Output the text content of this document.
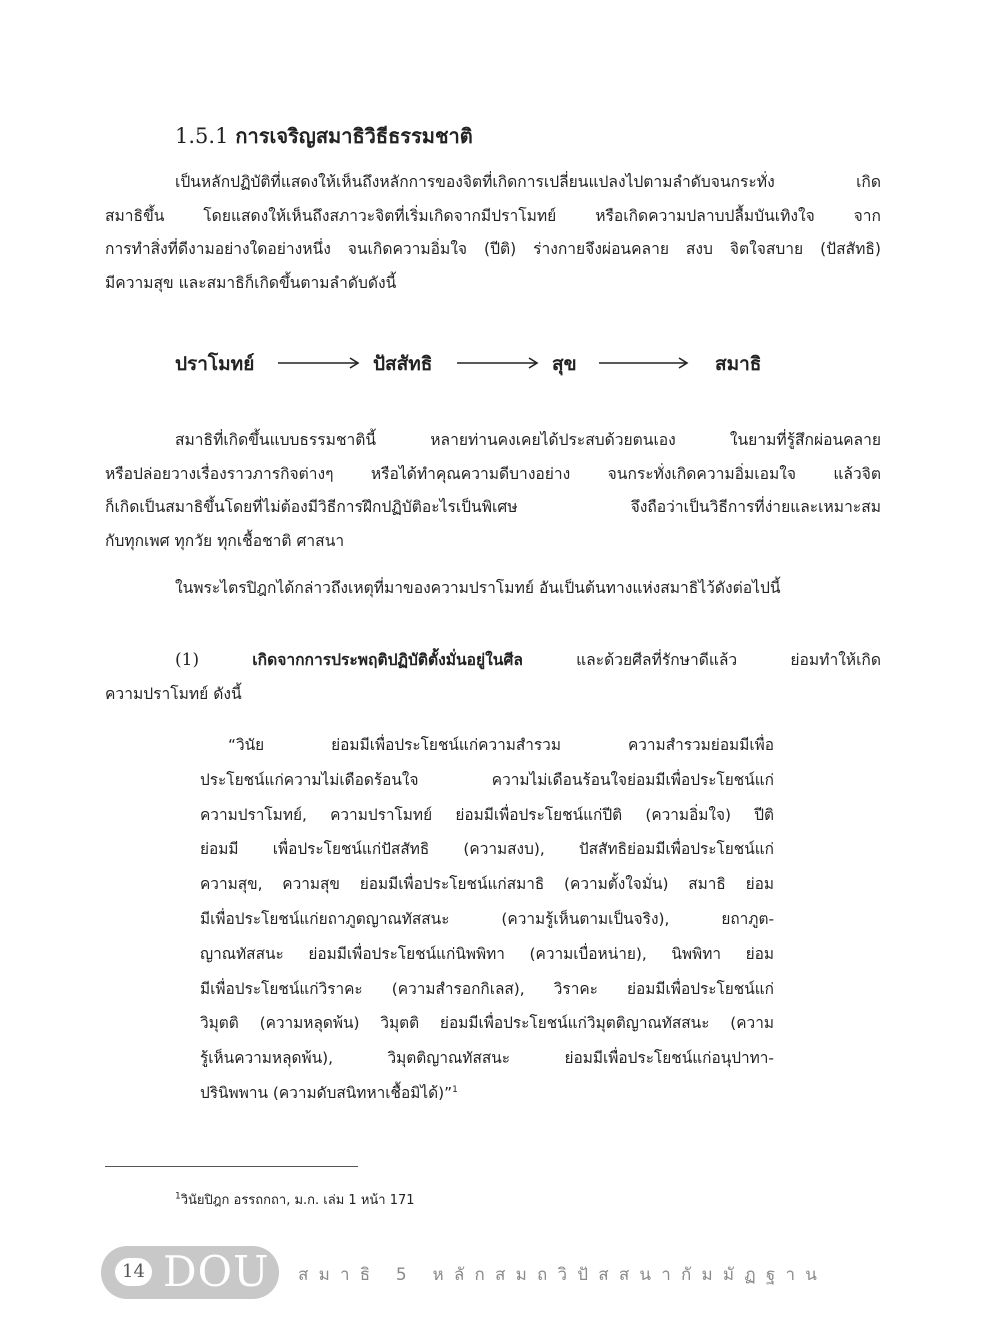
1.5.1 การเจริญสมาธิวิธีธรรมชาติ

เป็นหลักปฏิบัติที่แสดงให้เห็นถึงหลักการของจิตที่เกิดการเปลี่ยนแปลงไปตามลำดับจนกระทั่ง เกิด
สมาธิขึ้น โดยแสดงให้เห็นถึงสภาวะจิตที่เริ่มเกิดจากมีปราโมทย์ หรือเกิดความปลาบปลื้มบันเทิงใจ จาก
การทำสิ่งที่ดีงามอย่างใดอย่างหนึ่ง จนเกิดความอิ่มใจ (ปีติ) ร่างกายจึงผ่อนคลาย สงบ จิตใจสบาย (ปัสสัทธิ)
มีความสุข และสมาธิก็เกิดขึ้นตามลำดับดังนี้

ปราโมทย์	ปัสสัทธิ	สุข	สมาธิ

สมาธิที่เกิดขึ้นแบบธรรมชาตินี้ หลายท่านคงเคยได้ประสบด้วยตนเอง ในยามที่รู้สึกผ่อนคลาย
หรือปล่อยวางเรื่องราวภารกิจต่างๆ หรือได้ทำคุณความดีบางอย่าง จนกระทั่งเกิดความอิ่มเอมใจ แล้วจิต
ก็เกิดเป็นสมาธิขึ้นโดยที่ไม่ต้องมีวิธีการฝึกปฏิบัติอะไรเป็นพิเศษ จึงถือว่าเป็นวิธีการที่ง่ายและเหมาะสม
กับทุกเพศ ทุกวัย ทุกเชื้อชาติ ศาสนา

ในพระไตรปิฎกได้กล่าวถึงเหตุที่มาของความปราโมทย์ อันเป็นต้นทางแห่งสมาธิไว้ดังต่อไปนี้

(1)	เกิดจากการประพฤติปฏิบัติตั้งมั่นอยู่ในศีล	และด้วยศีลที่รักษาดีแล้ว ย่อมทำให้เกิด
ความปราโมทย์ ดังนี้

“วินัย ย่อมมีเพื่อประโยชน์แก่ความสำรวม ความสำรวมย่อมมีเพื่อ
ประโยชน์แก่ความไม่เดือดร้อนใจ ความไม่เดือนร้อนใจย่อมมีเพื่อประโยชน์แก่
ความปราโมทย์, ความปราโมทย์ ย่อมมีเพื่อประโยชน์แก่ปีติ (ความอิ่มใจ) ปีติ
ย่อมมี เพื่อประโยชน์แก่ปัสสัทธิ (ความสงบ), ปัสสัทธิย่อมมีเพื่อประโยชน์แก่
ความสุข, ความสุข ย่อมมีเพื่อประโยชน์แก่สมาธิ (ความตั้งใจมั่น) สมาธิ ย่อม
มีเพื่อประโยชน์แก่ยถาภูตญาณทัสสนะ (ความรู้เห็นตามเป็นจริง), ยถาภูต-
ญาณทัสสนะ ย่อมมีเพื่อประโยชน์แก่นิพพิทา (ความเบื่อหน่าย), นิพพิทา ย่อม
มีเพื่อประโยชน์แก่วิราคะ (ความสำรอกกิเลส), วิราคะ ย่อมมีเพื่อประโยชน์แก่
วิมุตติ (ความหลุดพ้น) วิมุตติ ย่อมมีเพื่อประโยชน์แก่วิมุตติญาณทัสสนะ (ความ
รู้เห็นความหลุดพ้น), วิมุตติญาณทัสสนะ ย่อมมีเพื่อประโยชน์แก่อนุปาทา-
ปรินิพพาน (ความดับสนิทหาเชื้อมิได้)”$^1$

$^1$วินัยปิฎก อรรถกถา, ม.ก. เล่ม 1 หน้า 171
14 DOU สมาธิ 5 หลักสมถวิปัสสนากัมมัฏฐาน
